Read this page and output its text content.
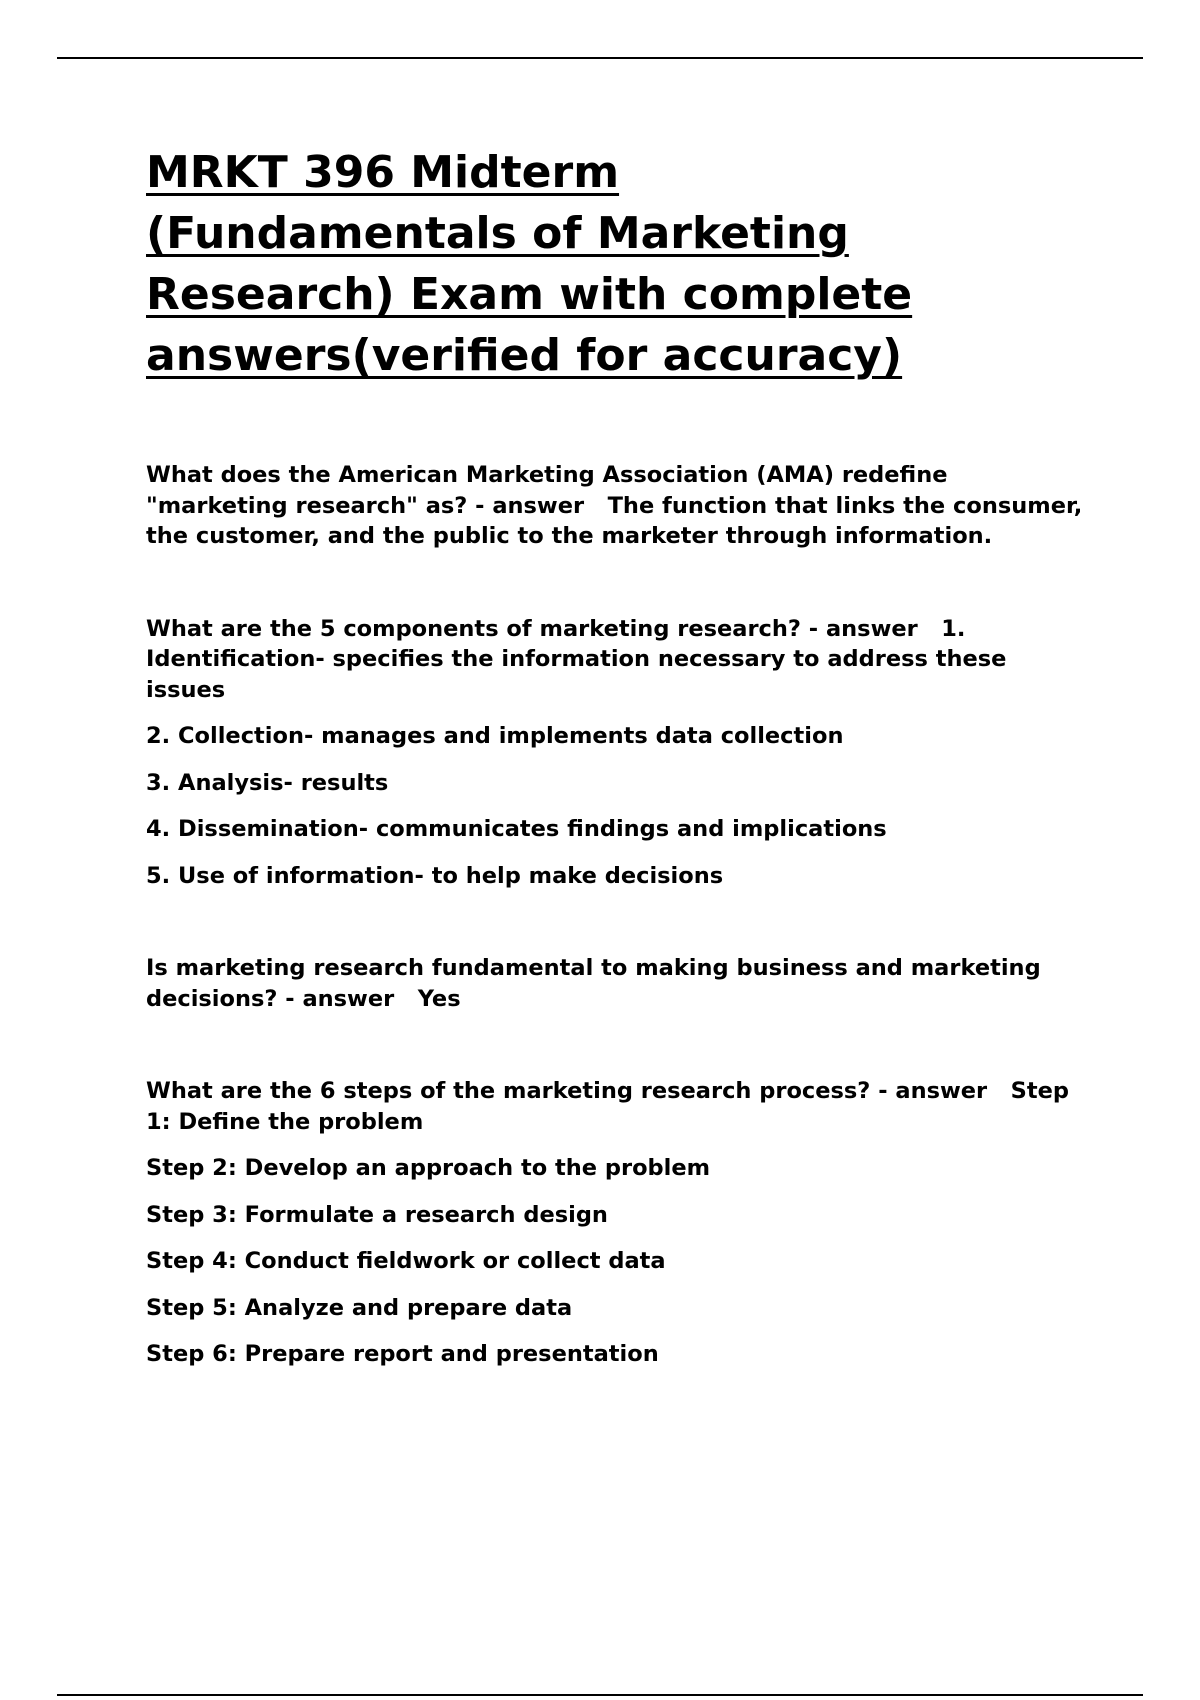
MRKT 396 Midterm
(Fundamentals of Marketing
Research) Exam with complete
answers(verified for accuracy)

What does the American Marketing Association (AMA) redefine "marketing research" as? - answer   The function that links the consumer, the customer, and the public to the marketer through information.

What are the 5 components of marketing research? - answer   1. Identification- specifies the information necessary to address these issues

2. Collection- manages and implements data collection

3. Analysis- results

4. Dissemination- communicates findings and implications

5. Use of information- to help make decisions

Is marketing research fundamental to making business and marketing decisions? - answer   Yes

What are the 6 steps of the marketing research process? - answer   Step 1: Define the problem

Step 2: Develop an approach to the problem

Step 3: Formulate a research design

Step 4: Conduct fieldwork or collect data

Step 5: Analyze and prepare data

Step 6: Prepare report and presentation
